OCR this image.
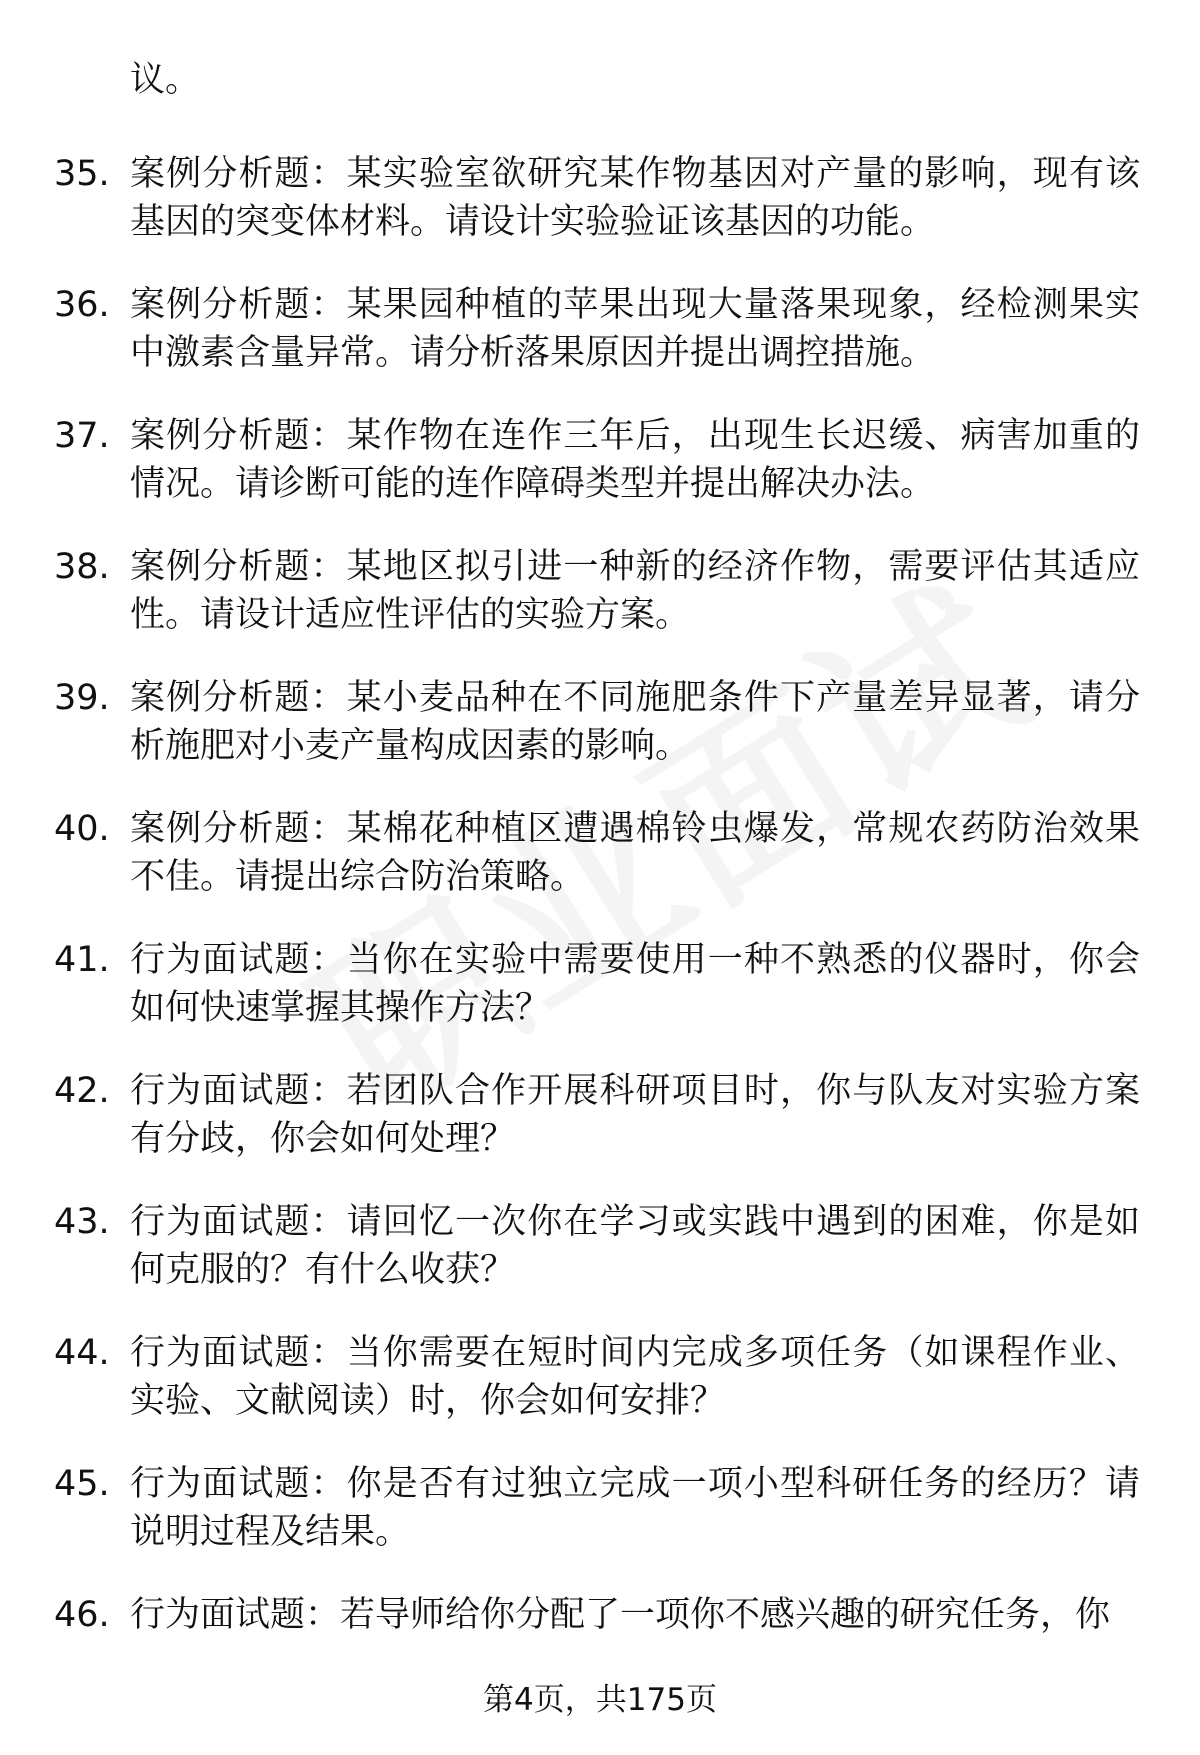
议。
35. 案例分析题：某实验室欲研究某作物基因对产量的影响，现有该基因的突变体材料。请设计实验验证该基因的功能。
36. 案例分析题：某果园种植的苹果出现大量落果现象，经检测果实中激素含量异常。请分析落果原因并提出调控措施。
37. 案例分析题：某作物在连作三年后，出现生长迟缓、病害加重的情况。请诊断可能的连作障碍类型并提出解决办法。
38. 案例分析题：某地区拟引进一种新的经济作物，需要评估其适应性。请设计适应性评估的实验方案。
39. 案例分析题：某小麦品种在不同施肥条件下产量差异显著，请分析施肥对小麦产量构成因素的影响。
40. 案例分析题：某棉花种植区遭遇棉铃虫爆发，常规农药防治效果不佳。请提出综合防治策略。
41. 行为面试题：当你在实验中需要使用一种不熟悉的仪器时，你会如何快速掌握其操作方法？
42. 行为面试题：若团队合作开展科研项目时，你与队友对实验方案有分歧，你会如何处理？
43. 行为面试题：请回忆一次你在学习或实践中遇到的困难，你是如何克服的？有什么收获？
44. 行为面试题：当你需要在短时间内完成多项任务（如课程作业、实验、文献阅读）时，你会如何安排？
45. 行为面试题：你是否有过独立完成一项小型科研任务的经历？请说明过程及结果。
46. 行为面试题：若导师给你分配了一项你不感兴趣的研究任务，你
第4页，共175页
